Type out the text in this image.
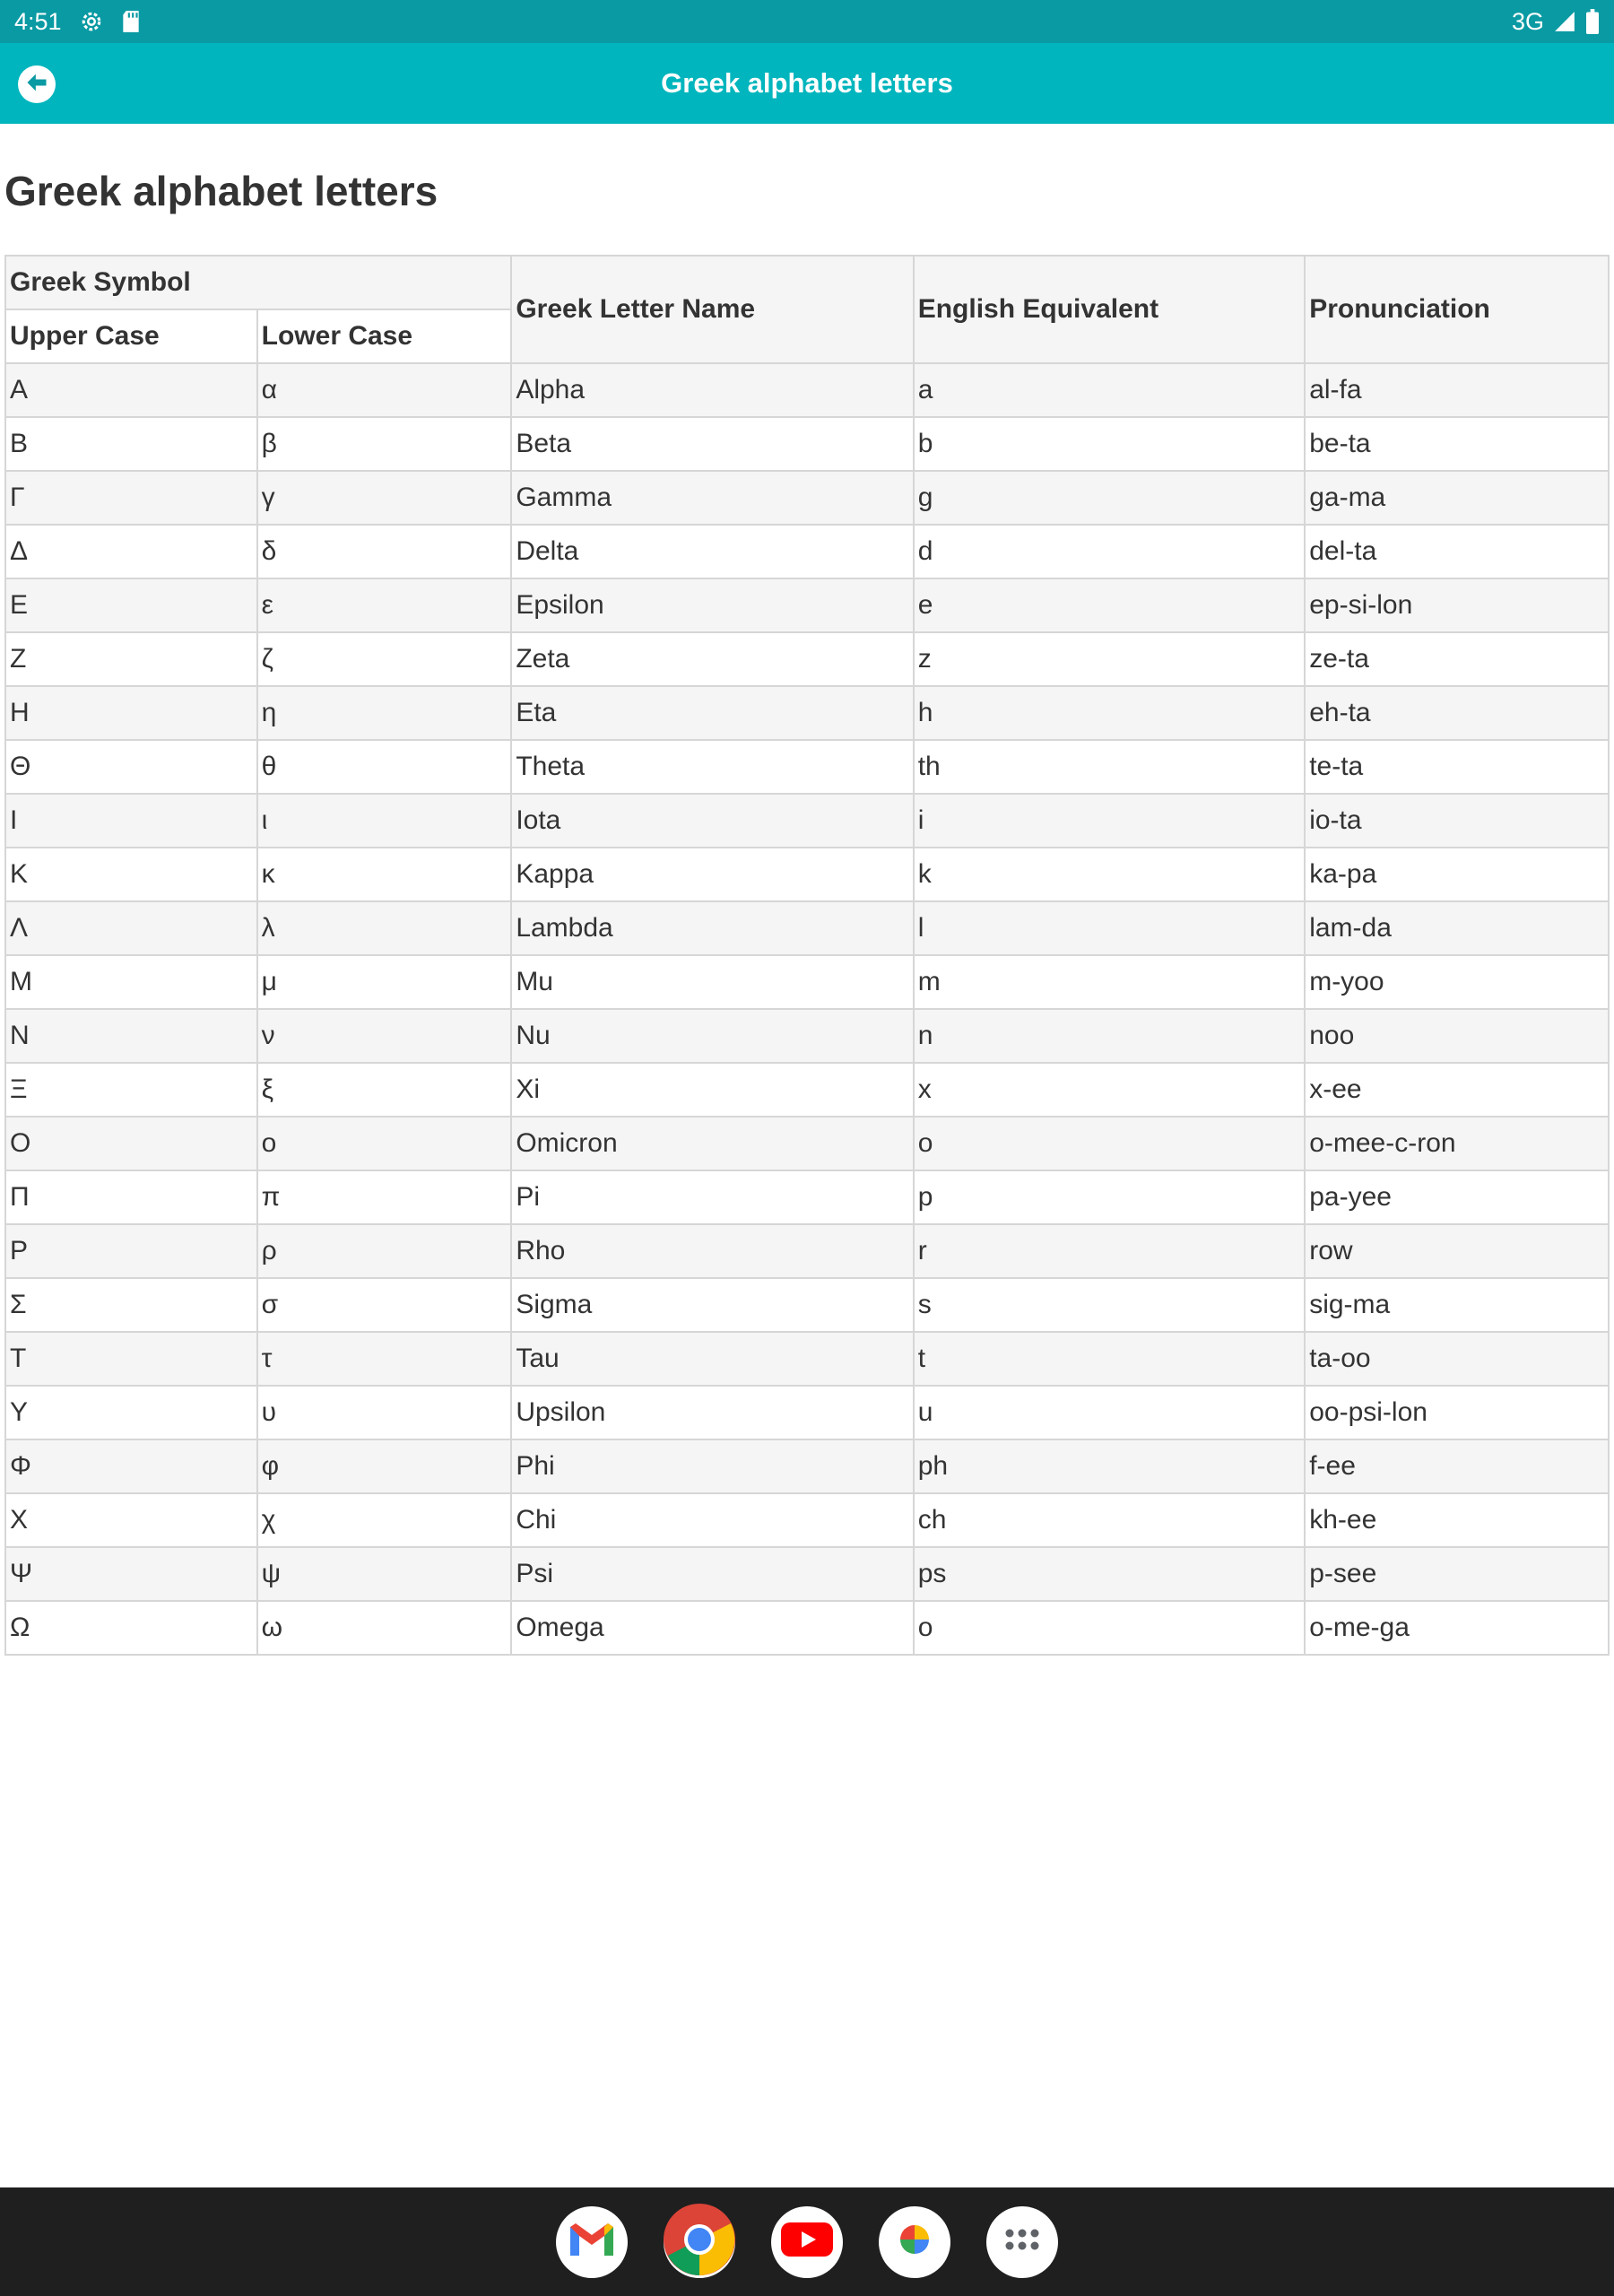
4:51	3G
Greek alphabet letters
Greek alphabet letters
Greek Symbol		Greek Letter Name	English Equivalent	Pronunciation
Upper Case	Lower Case			
Α	α	Alpha	a	al-fa
Β	β	Beta	b	be-ta
Γ	γ	Gamma	g	ga-ma
Δ	δ	Delta	d	del-ta
Ε	ε	Epsilon	e	ep-si-lon
Ζ	ζ	Zeta	z	ze-ta
Η	η	Eta	h	eh-ta
Θ	θ	Theta	th	te-ta
Ι	ι	Iota	i	io-ta
Κ	κ	Kappa	k	ka-pa
Λ	λ	Lambda	l	lam-da
Μ	μ	Mu	m	m-yoo
Ν	ν	Nu	n	noo
Ξ	ξ	Xi	x	x-ee
Ο	ο	Omicron	o	o-mee-c-ron
Π	π	Pi	p	pa-yee
Ρ	ρ	Rho	r	row
Σ	σ	Sigma	s	sig-ma
Τ	τ	Tau	t	ta-oo
Υ	υ	Upsilon	u	oo-psi-lon
Φ	φ	Phi	ph	f-ee
Χ	χ	Chi	ch	kh-ee
Ψ	ψ	Psi	ps	p-see
Ω	ω	Omega	o	o-me-ga
